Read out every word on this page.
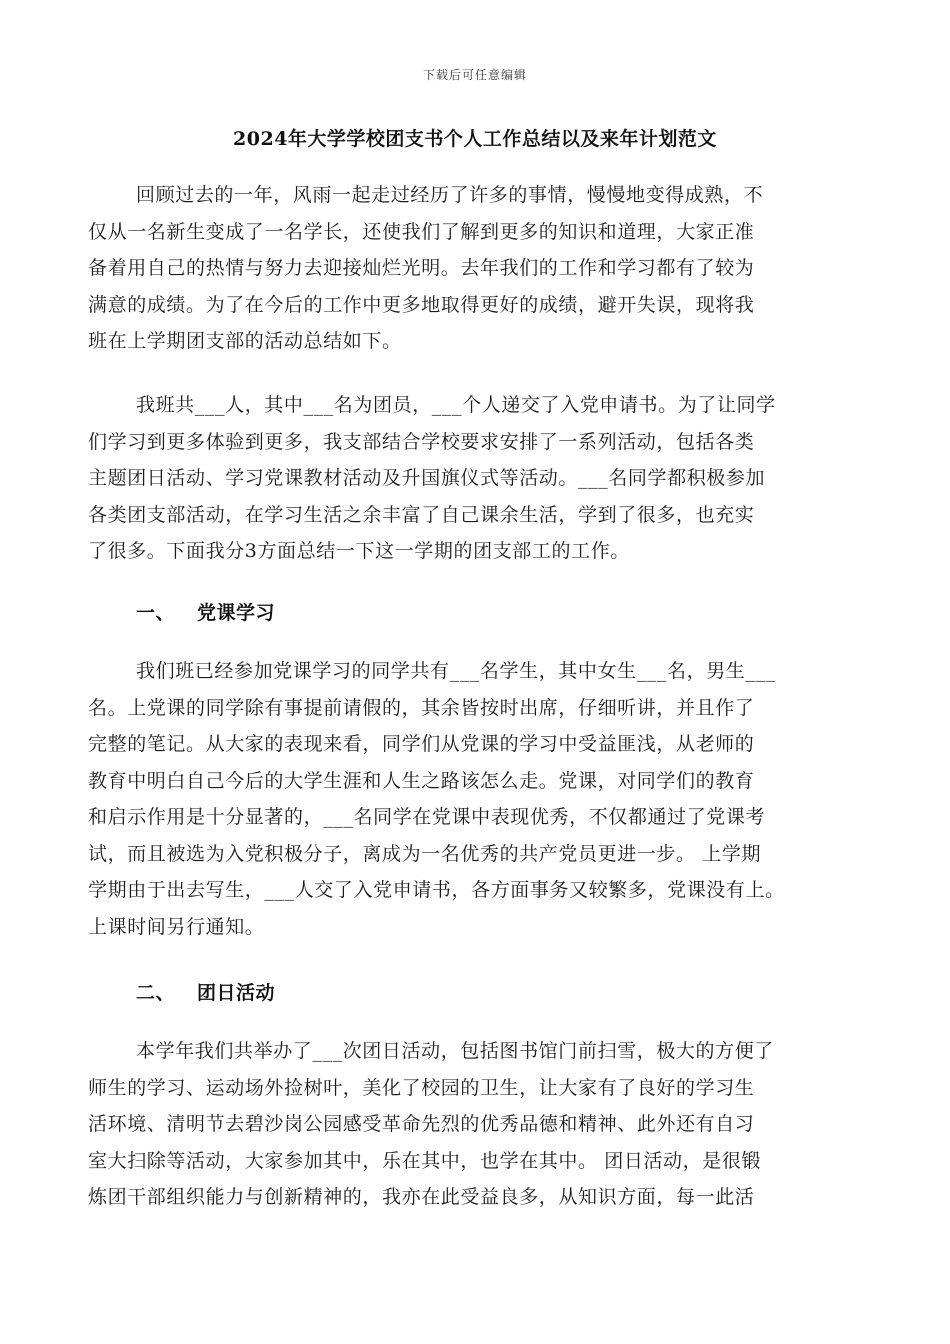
下载后可任意编辑
2024年大学学校团支书个人工作总结以及来年计划范文
回顾过去的一年，风雨一起走过经历了许多的事情，慢慢地变得成熟，不
仅从一名新生变成了一名学长，还使我们了解到更多的知识和道理，大家正准
备着用自己的热情与努力去迎接灿烂光明。去年我们的工作和学习都有了较为
满意的成绩。为了在今后的工作中更多地取得更好的成绩，避开失误，现将我
班在上学期团支部的活动总结如下。
我班共___人，其中___名为团员，___个人递交了入党申请书。为了让同学
们学习到更多体验到更多，我支部结合学校要求安排了一系列活动，包括各类
主题团日活动、学习党课教材活动及升国旗仪式等活动。___名同学都积极参加
各类团支部活动，在学习生活之余丰富了自己课余生活，学到了很多，也充实
了很多。下面我分3方面总结一下这一学期的团支部工的工作。
一、 党课学习
我们班已经参加党课学习的同学共有___名学生，其中女生___名，男生___
名。上党课的同学除有事提前请假的，其余皆按时出席，仔细听讲，并且作了
完整的笔记。从大家的表现来看，同学们从党课的学习中受益匪浅，从老师的
教育中明白自己今后的大学生涯和人生之路该怎么走。党课，对同学们的教育
和启示作用是十分显著的，___名同学在党课中表现优秀，不仅都通过了党课考
试，而且被选为入党积极分子，离成为一名优秀的共产党员更进一步。 上学期
学期由于出去写生，___人交了入党申请书，各方面事务又较繁多，党课没有上。
上课时间另行通知。
二、 团日活动
本学年我们共举办了___次团日活动，包括图书馆门前扫雪，极大的方便了
师生的学习、运动场外捡树叶，美化了校园的卫生，让大家有了良好的学习生
活环境、清明节去碧沙岗公园感受革命先烈的优秀品德和精神、此外还有自习
室大扫除等活动，大家参加其中，乐在其中，也学在其中。 团日活动，是很锻
炼团干部组织能力与创新精神的，我亦在此受益良多，从知识方面，每一此活
